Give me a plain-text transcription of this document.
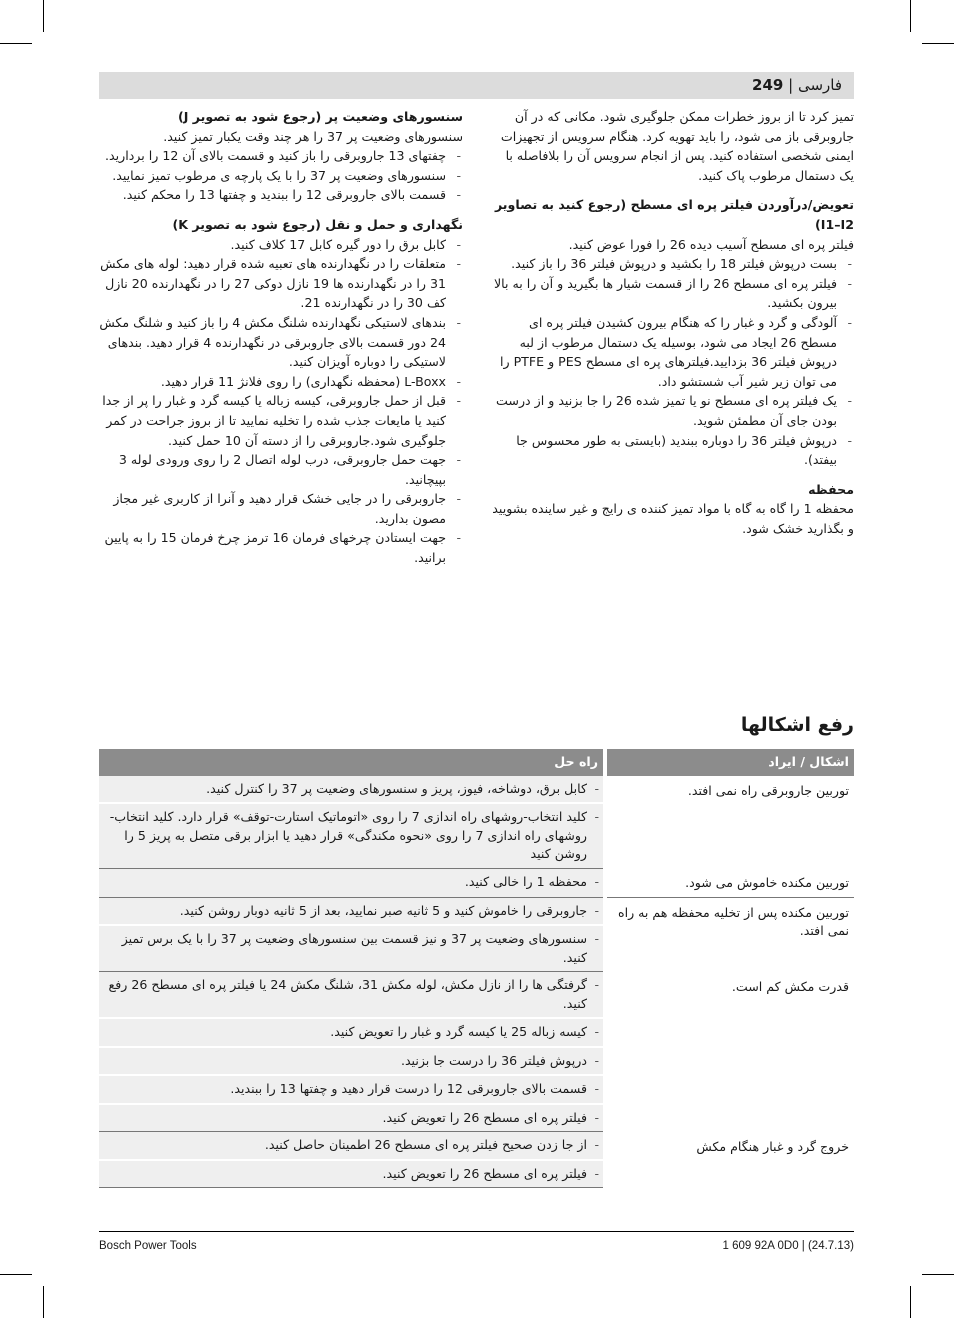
فارسی | 249

تمیز کرد تا از بروز خطرات ممکن جلوگیری شود. مکانی که در آن جاروبرقی باز می شود، را باید تهویه کرد. هنگام سرویس از تجهیزات ایمنی شخصی استفاده کنید. پس از انجام سرویس آن را بلافاصله با یک دستمال مرطوب پاک کنید.

تعویض/درآوردن فیلتر پره ای مسطح (رجوع کنید به تصاویر I1–I2)

فیلتر پره ای مسطح آسیب دیده 26 را فورا عوض کنید.

- بست درپوش فیلتر 18 را بکشید و درپوش فیلتر 36 را باز کنید.

- فیلتر پره ای مسطح 26 را از قسمت شیار ها بگیرید و آن را به بالا بیرون بکشید.

- آلودگی و گرد و غبار را که هنگام بیرون کشیدن فیلتر پره ای مسطح 26 ایجاد می شود، بوسیله یک دستمال مرطوب از لبه درپوش فیلتر 36 بزدایید.فیلترهای پره ای مسطح PES و PTFE را می توان زیر شیر آب شستشو داد.

- یک فیلتر پره ای مسطح نو یا تمیز شده 26 را جا بزنید و از درست بودن جای آن مطمئن شوید.

- درپوش فیلتر 36 را دوباره ببندید (بایستی به طور محسوس جا بیفتد).

محفظه

محفظه 1 را گاه به گاه با مواد تمیز کننده ی رایج و غیر ساینده بشویید و بگذارید خشک شود.

سنسورهای وضعیت پر (رجوع شود به تصویر J)

سنسورهای وضعیت پر 37 را هر چند وقت یکبار تمیز کنید.

- چفتهای 13 جاروبرقی را باز کنید و قسمت بالای آن 12 را بردارید.

- سنسورهای وضعیت پر 37 را با یک پارچه ی مرطوب تمیز نمایید.

- قسمت بالای جاروبرقی 12 را ببندید و چفتها 13 را محکم کنید.

نگهداری و حمل و نقل (رجوع شود به تصویر K)

- کابل برق را دور گیره کابل 17 کلاف کنید.

- متعلقات را در نگهدارنده های تعبیه شده قرار دهید: لوله های مکش 31 را در نگهدارنده ها 19 نازل دوکی 27 را در نگهدارنده 20 نازل کف 30 را در نگهدارنده 21.

- بندهای لاستیکی نگهدارنده شلنگ مکش 4 را باز کنید و شلنگ مکش 24 دور قسمت بالای جاروبرقی در نگهدارنده 4 قرار دهید. بندهای لاستیکی را دوباره آویزان کنید.

- L-Boxx (محفظه نگهداری) را روی فلانژ 11 قرار دهید.

- قبل از حمل جاروبرقی، کیسه زباله یا کیسه گرد و غبار را پر از جدا کنید یا مایعات جذب شده را تخلیه نمایید تا از بروز جراحت در کمر جلوگیری شود.جاروبرقی را از دسته آن 10 حمل کنید.

- جهت حمل جاروبرقی، درب لوله اتصال 2 را روی ورودی لوله 3 بپیچانید.

- جاروبرقی را در جایی خشک قرار دهید و آنرا از کاربری غیر مجاز مصون بدارید.

- جهت ایستادن چرخهای فرمان 16 ترمز چرخ فرمان 15 را به پایین برانید.

رفع اشکالها
اشکال / ایراد	راه حل
توربین جاروبرقی راه نمی افتد.	- کابل برق، دوشاخه، فیوز، پریز و سنسورهای وضعیت پر 37 را کنترل کنید.
	- کلید انتخاب-روشهای راه اندازی 7 را روی «اتوماتیک استارت-توقف» قرار دارد. کلید انتخاب-روشهای راه اندازی 7 را روی «نحوه مکندگی» قرار دهید یا ابزار برقی متصل به پریز 5 را روشن کنید
توربین مکنده خاموش می شود.	- محفظه 1 را خالی کنید.
توربین مکنده پس از تخلیه محفظه هم به راه نمی افتد.	- جاروبرقی را خاموش کنید و 5 ثانیه صبر نمایید، بعد از 5 ثانیه دوبار روشن کنید.
	- سنسورهای وضعیت پر 37 و نیز قسمت بین سنسورهای وضعیت پر 37 را با یک برس تمیز کنید.
قدرت مکش کم است.	- گرفتگی ها را از نازل مکش، لوله مکش 31، شلنگ مکش 24 یا فیلتر پره ای مسطح 26 رفع کنید.
	- کیسه زباله 25 یا کیسه گرد و غبار را تعویض کنید.
	- درپوش فیلتر 36 را درست جا بزنید.
	- قسمت بالای جاروبرقی 12 را درست قرار دهید و چفتها 13 را ببندید.
	- فیلتر پره ای مسطح 26 را تعویض کنید.
خروج گرد و غبار هنگام مکش	- از جا زدن صحیح فیلتر پره ای مسطح 26 اطمینان حاصل کنید.
	- فیلتر پره ای مسطح 26 را تعویض کنید.
Bosch Power Tools	1 609 92A 0D0 | (24.7.13)
